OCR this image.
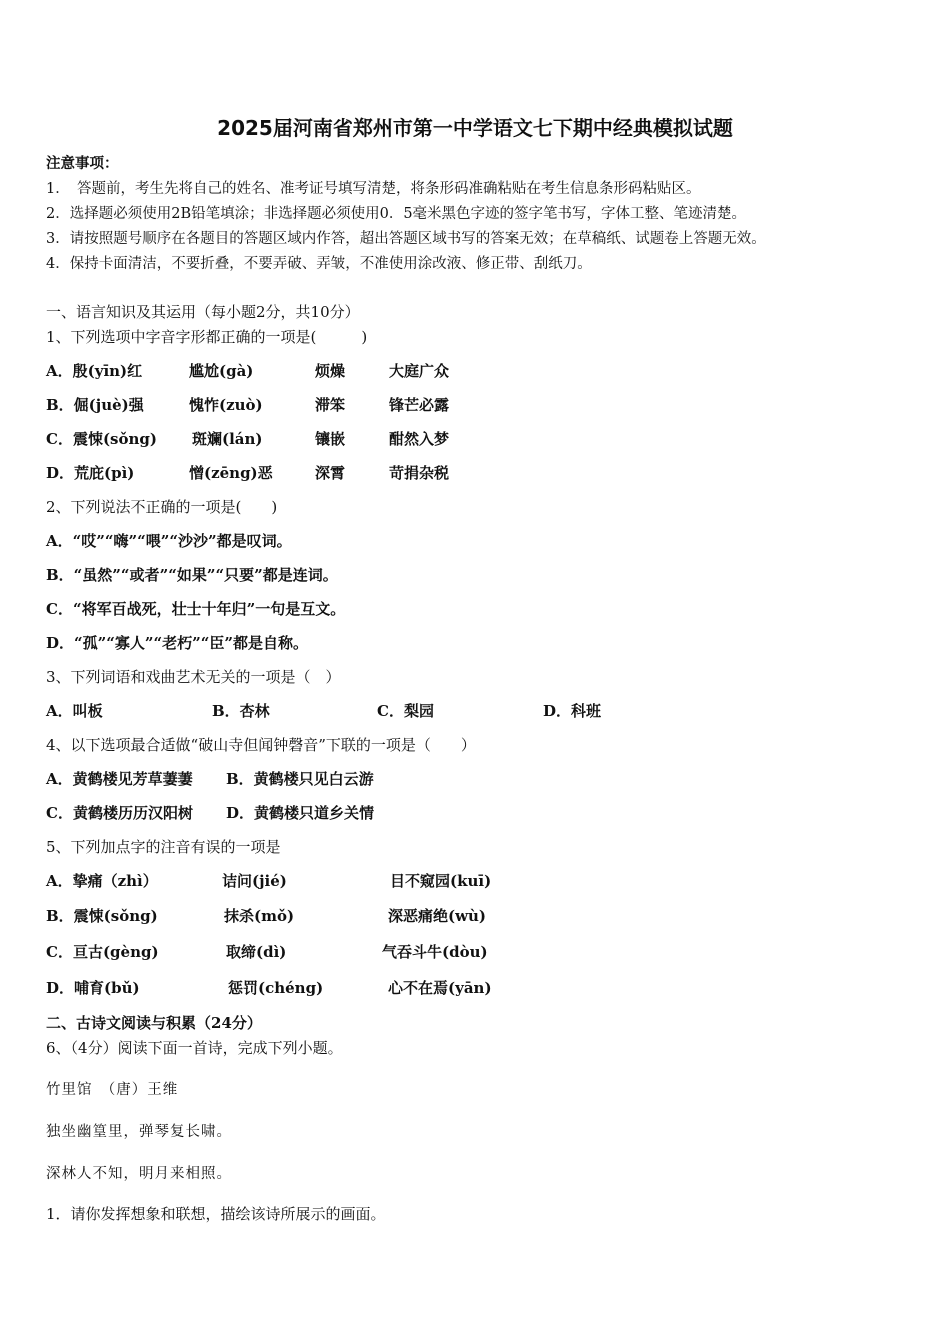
2025届河南省郑州市第一中学语文七下期中经典模拟试题
注意事项：
1．　答题前，考生先将自己的姓名、准考证号填写清楚，将条形码准确粘贴在考生信息条形码粘贴区。
2．选择题必须使用2B铅笔填涂；非选择题必须使用0．5毫米黑色字迹的签字笔书写，字体工整、笔迹清楚。
3．请按照题号顺序在各题目的答题区域内作答，超出答题区域书写的答案无效；在草稿纸、试题卷上答题无效。
4．保持卡面清洁，不要折叠，不要弄破、弄皱，不准使用涂改液、修正带、刮纸刀。
一、语言知识及其运用（每小题2分，共10分）
1、下列选项中字音字形都正确的一项是(　　　)
A．殷(yīn)红	尴尬(gà)	烦燥	大庭广众
B．倔(juè)强	愧怍(zuò)	滞笨	锋芒必露
C．震悚(sǒng) 斑斓(lán)	镶嵌	酣然入梦
D．荒庇(pì)	憎(zēng)恶	深霄	苛捐杂税
2、下列说法不正确的一项是(　　)
A．“哎”“嗨”“喂”“沙沙”都是叹词。
B．“虽然”“或者”“如果”“只要”都是连词。
C．“将军百战死，壮士十年归”一句是互文。
D．“孤”“寡人”“老朽”“臣”都是自称。
3、下列词语和戏曲艺术无关的一项是（　）
A．叫板	B．杏林	C．梨园	D．科班
4、以下选项最合适做“破山寺但闻钟磬音”下联的一项是（　　）
A．黄鹤楼见芳草萋萋 B．黄鹤楼只见白云游
C．黄鹤楼历历汉阳树 D．黄鹤楼只道乡关情
5、下列加点字的注音有误的一项是
A．挚痛（zhì）	诘问(jié)	目不窥园(kuī)
B．震悚(sǒng)	抹杀(mǒ)	深恶痛绝(wù)
C．亘古(gèng)	取缔(dì)	气吞斗牛(dòu)
D．哺育(bǔ)	惩罚(chéng)	心不在焉(yān)
二、古诗文阅读与积累（24分）
6、（4分）阅读下面一首诗，完成下列小题。
竹里馆　（唐）王维
独坐幽篁里，弹琴复长啸。
深林人不知，明月来相照。
1．请你发挥想象和联想，描绘该诗所展示的画面。
